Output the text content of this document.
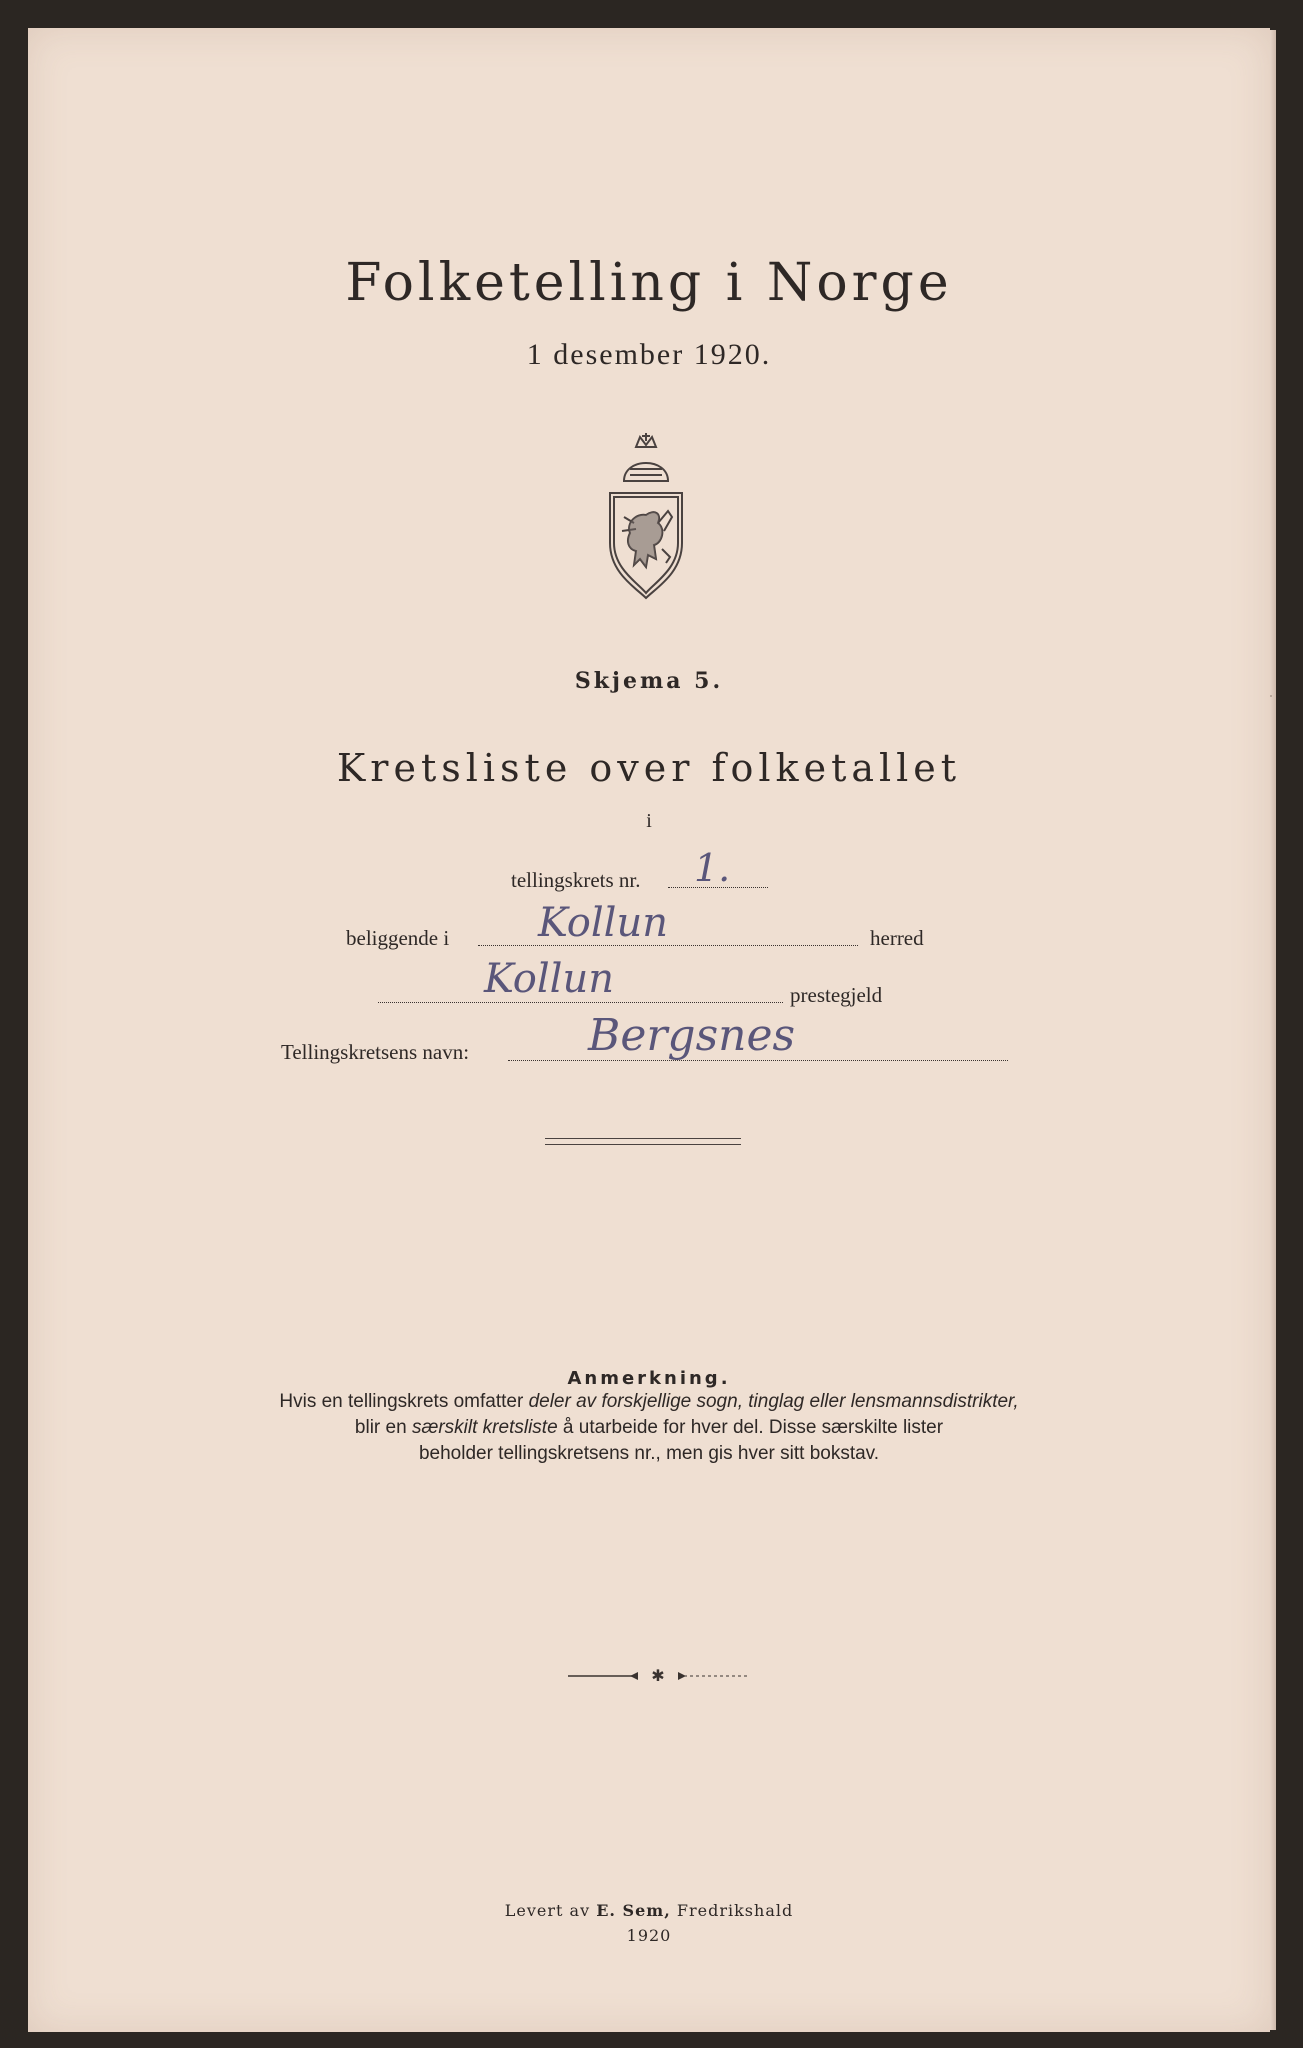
Folketelling i Norge
1 desember 1920.
Skjema 5.
Kretsliste over folketallet
i
tellingskrets nr. 1.
beliggende i Kollun	herred
Kollun	prestegjeld
Tellingskretsens navn:	Bergsnes
Anmerkning.
Hvis en tellingskrets omfatter deler av forskjellige sogn, tinglag eller lensmannsdistrikter,
blir en særskilt kretsliste å utarbeide for hver del. Disse særskilte lister
beholder tellingskretsens nr., men gis hver sitt bokstav.
✱
Levert av E. Sem, Fredrikshald
1920
